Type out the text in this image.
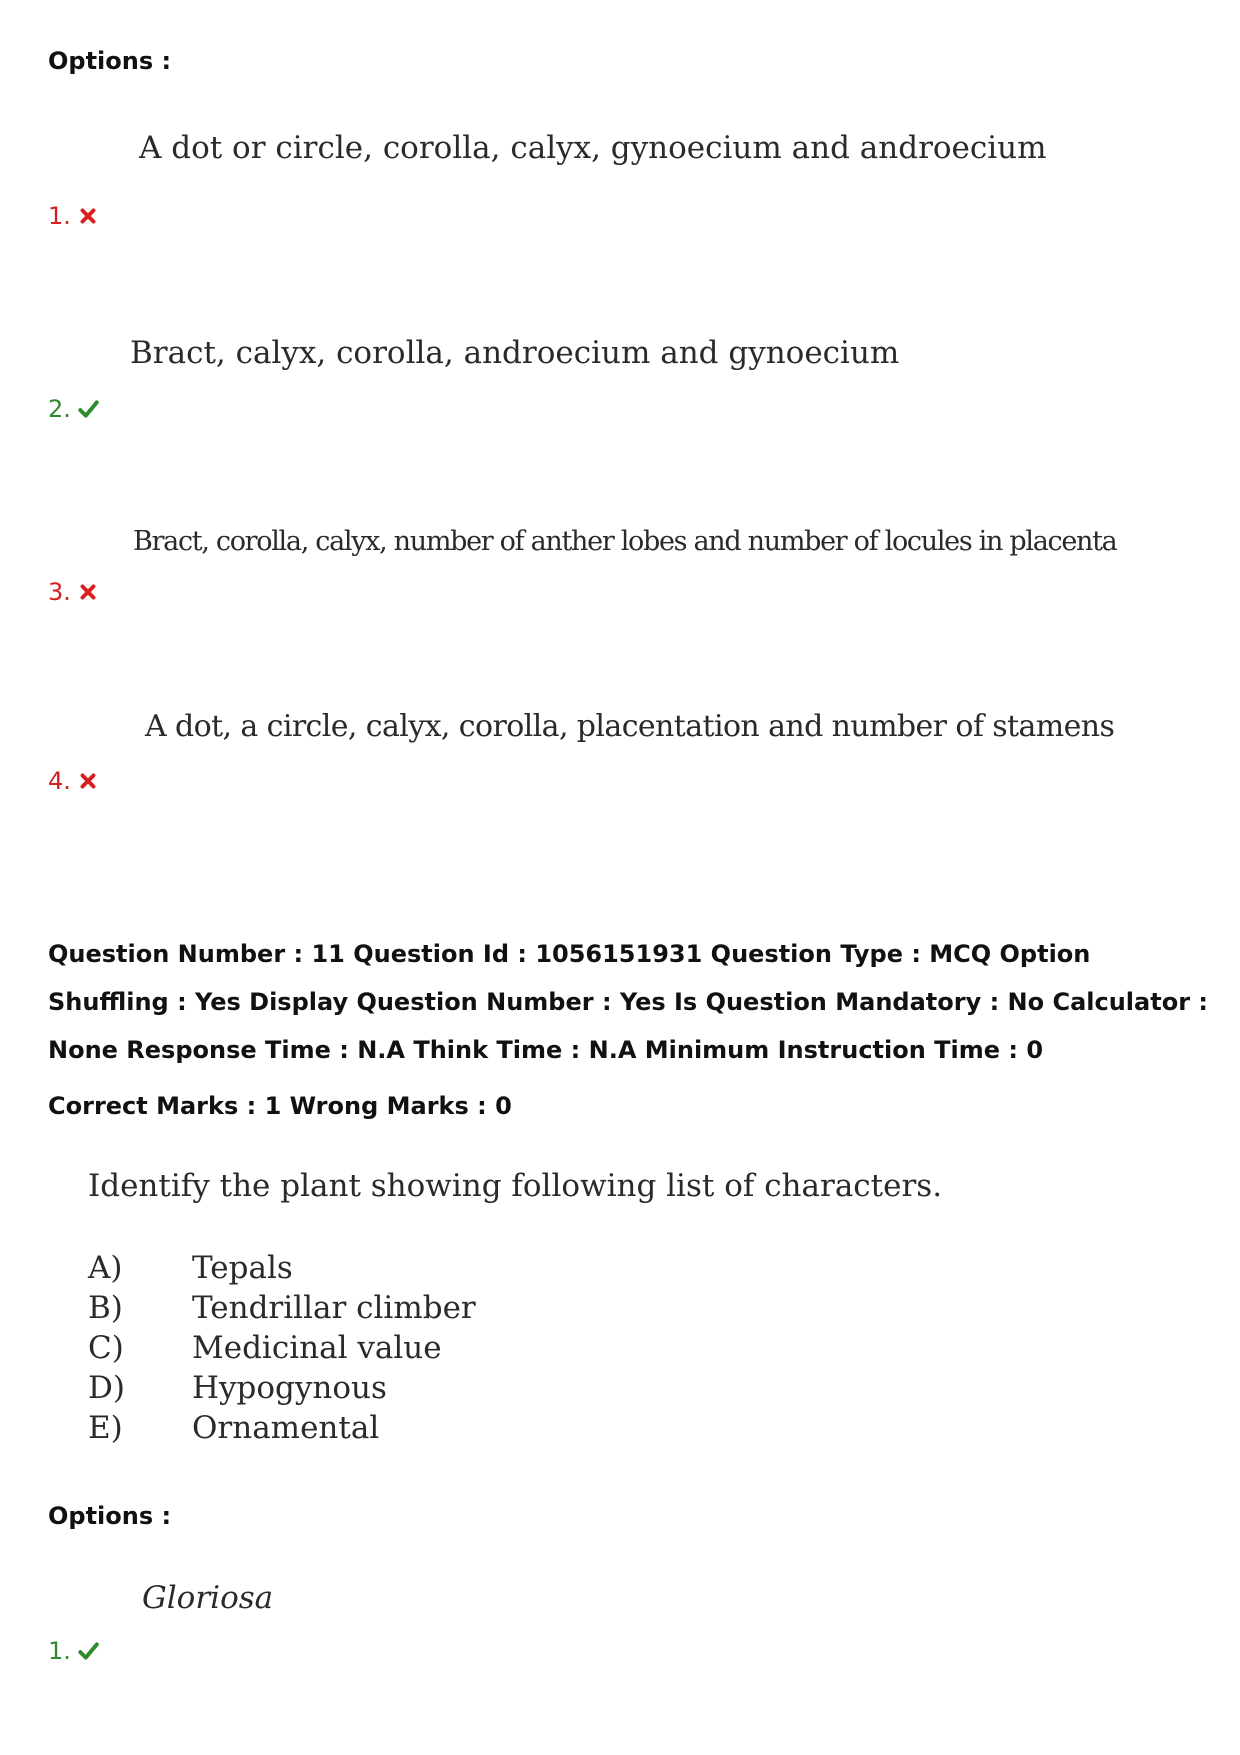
Options :
A dot or circle, corolla, calyx, gynoecium and androecium
1.
Bract, calyx, corolla, androecium and gynoecium
2.
Bract, corolla, calyx, number of anther lobes and number of locules in placenta
3.
A dot, a circle, calyx, corolla, placentation and number of stamens
4.
Question Number : 11 Question Id : 1056151931 Question Type : MCQ Option Shuffling : Yes Display Question Number : Yes Is Question Mandatory : No Calculator : None Response Time : N.A Think Time : N.A Minimum Instruction Time : 0
Correct Marks : 1 Wrong Marks : 0
Identify the plant showing following list of characters.
A)	Tepals
B)	Tendrillar climber
C)	Medicinal value
D)	Hypogynous
E)	Ornamental
Options :
Gloriosa
1.
